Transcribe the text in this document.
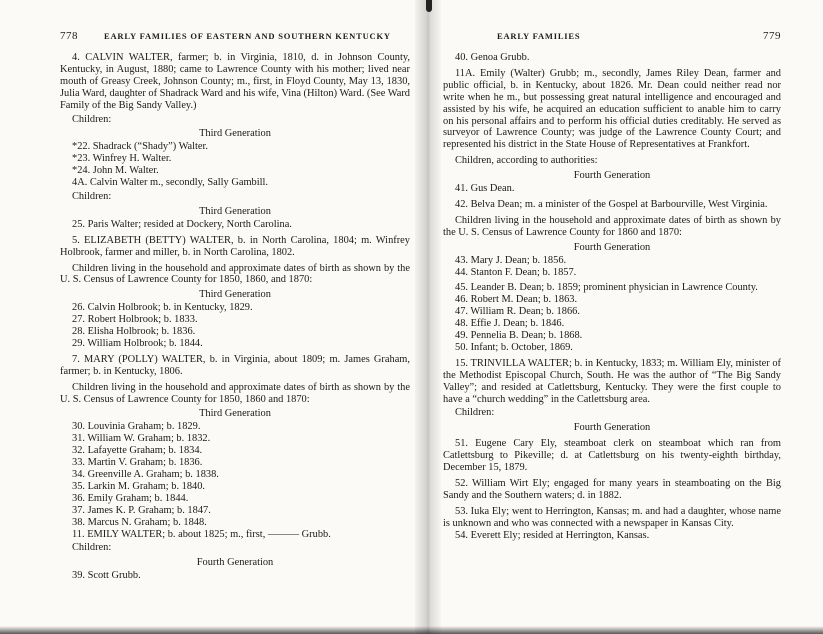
778	EARLY FAMILIES OF EASTERN AND SOUTHERN KENTUCKY

4. CALVIN WALTER, farmer; b. in Virginia, 1810, d. in Johnson County, Kentucky, in August, 1880; came to Lawrence County with his mother; lived near mouth of Greasy Creek, Johnson County; m., first, in Floyd County, May 13, 1830, Julia Ward, daughter of Shadrack Ward and his wife, Vina (Hilton) Ward. (See Ward Family of the Big Sandy Valley.)

Children:

Third Generation

*22. Shadrack (“Shady”) Walter.

*23. Winfrey H. Walter.

*24. John M. Walter.

4A. Calvin Walter m., secondly, Sally Gambill.

Children:

Third Generation

25. Paris Walter; resided at Dockery, North Carolina.

5. ELIZABETH (BETTY) WALTER, b. in North Carolina, 1804; m. Winfrey Holbrook, farmer and miller, b. in North Carolina, 1802.

Children living in the household and approximate dates of birth as shown by the U. S. Census of Lawrence County for 1850, 1860, and 1870:

Third Generation

26. Calvin Holbrook; b. in Kentucky, 1829.

27. Robert Holbrook; b. 1833.

28. Elisha Holbrook; b. 1836.

29. William Holbrook; b. 1844.

7. MARY (POLLY) WALTER, b. in Virginia, about 1809; m. James Graham, farmer; b. in Kentucky, 1806.

Children living in the household and approximate dates of birth as shown by the U. S. Census of Lawrence County for 1850, 1860 and 1870:

Third Generation

30. Louvinia Graham; b. 1829.

31. William W. Graham; b. 1832.

32. Lafayette Graham; b. 1834.

33. Martin V. Graham; b. 1836.

34. Greenville A. Graham; b. 1838.

35. Larkin M. Graham; b. 1840.

36. Emily Graham; b. 1844.

37. James K. P. Graham; b. 1847.

38. Marcus N. Graham; b. 1848.

11. EMILY WALTER; b. about 1825; m., first, ——— Grubb.

Children:

Fourth Generation

39. Scott Grubb.

EARLY FAMILIES	779

40. Genoa Grubb.

11A. Emily (Walter) Grubb; m., secondly, James Riley Dean, farmer and public official, b. in Kentucky, about 1826. Mr. Dean could neither read nor write when he m., but possessing great natural intelligence and encouraged and assisted by his wife, he acquired an education sufficient to anable him to carry on his personal affairs and to perform his official duties creditably. He served as surveyor of Lawrence County; was judge of the Lawrence County Court; and represented his district in the State House of Representatives at Frankfort.

Children, according to authorities:

Fourth Generation

41. Gus Dean.

42. Belva Dean; m. a minister of the Gospel at Barbourville, West Virginia.

Children living in the household and approximate dates of birth as shown by the U. S. Census of Lawrence County for 1860 and 1870:

Fourth Generation

43. Mary J. Dean; b. 1856.

44. Stanton F. Dean; b. 1857.

45. Leander B. Dean; b. 1859; prominent physician in Lawrence County.

46. Robert M. Dean; b. 1863.

47. William R. Dean; b. 1866.

48. Effie J. Dean; b. 1846.

49. Pennelia B. Dean; b. 1868.

50. Infant; b. October, 1869.

15. TRINVILLA WALTER; b. in Kentucky, 1833; m. William Ely, minister of the Methodist Episcopal Church, South. He was the author of “The Big Sandy Valley”; and resided at Catlettsburg, Kentucky. They were the first couple to have a “church wedding” in the Catlettsburg area.

Children:

Fourth Generation

51. Eugene Cary Ely, steamboat clerk on steamboat which ran from Catlettsburg to Pikeville; d. at Catlettsburg on his twenty-eighth birthday, December 15, 1879.

52. William Wirt Ely; engaged for many years in steamboating on the Big Sandy and the Southern waters; d. in 1882.

53. Iuka Ely; went to Herrington, Kansas; m. and had a daughter, whose name is unknown and who was connected with a newspaper in Kansas City.

54. Everett Ely; resided at Herrington, Kansas.
